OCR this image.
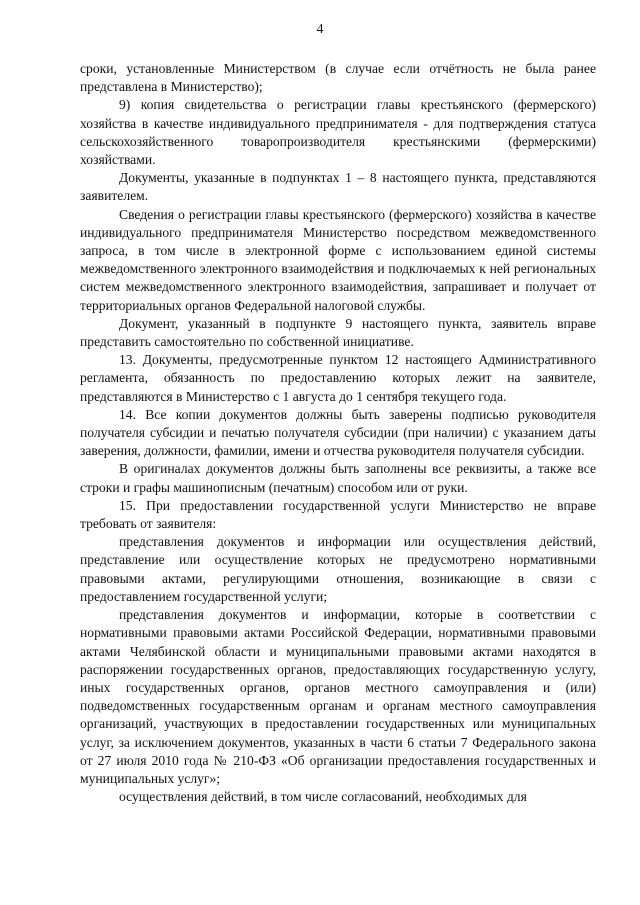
4

сроки, установленные Министерством (в случае если отчётность не была ранее представлена в Министерство);

9) копия свидетельства о регистрации главы крестьянского (фермерского) хозяйства в качестве индивидуального предпринимателя - для подтверждения статуса сельскохозяйственного товаропроизводителя крестьянскими (фермерскими) хозяйствами.

Документы, указанные в подпунктах 1 – 8 настоящего пункта, представляются заявителем.

Сведения о регистрации главы крестьянского (фермерского) хозяйства в качестве индивидуального предпринимателя Министерство посредством межведомственного запроса, в том числе в электронной форме с использованием единой системы межведомственного электронного взаимодействия и подключаемых к ней региональных систем межведомственного электронного взаимодействия, запрашивает и получает от территориальных органов Федеральной налоговой службы.

Документ, указанный в подпункте 9 настоящего пункта, заявитель вправе представить самостоятельно по собственной инициативе.

13. Документы, предусмотренные пунктом 12 настоящего Административного регламента, обязанность по предоставлению которых лежит на заявителе, представляются в Министерство с 1 августа до 1 сентября текущего года.

14. Все копии документов должны быть заверены подписью руководителя получателя субсидии и печатью получателя субсидии (при наличии) с указанием даты заверения, должности, фамилии, имени и отчества руководителя получателя субсидии.

В оригиналах документов должны быть заполнены все реквизиты, а также все строки и графы машинописным (печатным) способом или от руки.

15. При предоставлении государственной услуги Министерство не вправе требовать от заявителя:

представления документов и информации или осуществления действий, представление или осуществление которых не предусмотрено нормативными правовыми актами, регулирующими отношения, возникающие в связи с предоставлением государственной услуги;

представления документов и информации, которые в соответствии с нормативными правовыми актами Российской Федерации, нормативными правовыми актами Челябинской области и муниципальными правовыми актами находятся в распоряжении государственных органов, предоставляющих государственную услугу, иных государственных органов, органов местного самоуправления и (или) подведомственных государственным органам и органам местного самоуправления организаций, участвующих в предоставлении государственных или муниципальных услуг, за исключением документов, указанных в части 6 статьи 7 Федерального закона от 27 июля 2010 года № 210-ФЗ «Об организации предоставления государственных и муниципальных услуг»;

осуществления действий, в том числе согласований, необходимых для
